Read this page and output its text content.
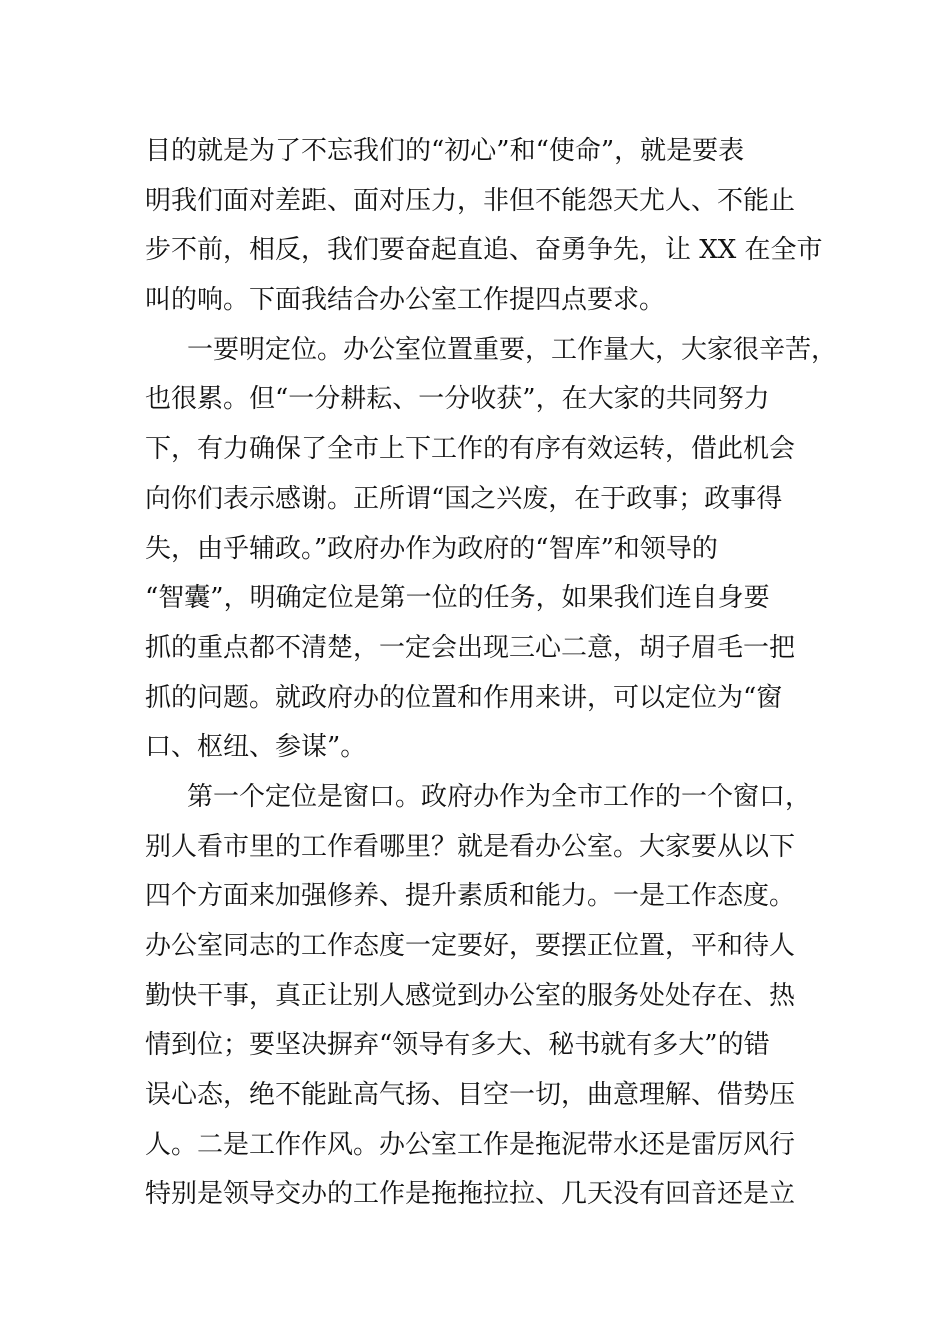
目的就是为了不忘我们的“初心”和“使命”，就是要表
明我们面对差距、面对压力，非但不能怨天尤人、不能止
步不前，相反，我们要奋起直追、奋勇争先，让 XX 在全市
叫的响。下面我结合办公室工作提四点要求。
一要明定位。办公室位置重要，工作量大，大家很辛苦，
也很累。但“一分耕耘、一分收获”，在大家的共同努力
下，有力确保了全市上下工作的有序有效运转，借此机会
向你们表示感谢。正所谓“国之兴废，在于政事；政事得
失，由乎辅政。”政府办作为政府的“智库”和领导的
“智囊”，明确定位是第一位的任务，如果我们连自身要
抓的重点都不清楚，一定会出现三心二意，胡子眉毛一把
抓的问题。就政府办的位置和作用来讲，可以定位为“窗
口、枢纽、参谋”。
第一个定位是窗口。政府办作为全市工作的一个窗口，
别人看市里的工作看哪里？就是看办公室。大家要从以下
四个方面来加强修养、提升素质和能力。一是工作态度。
办公室同志的工作态度一定要好，要摆正位置，平和待人
勤快干事，真正让别人感觉到办公室的服务处处存在、热
情到位；要坚决摒弃“领导有多大、秘书就有多大”的错
误心态，绝不能趾高气扬、目空一切，曲意理解、借势压
人。二是工作作风。办公室工作是拖泥带水还是雷厉风行
特别是领导交办的工作是拖拖拉拉、几天没有回音还是立
